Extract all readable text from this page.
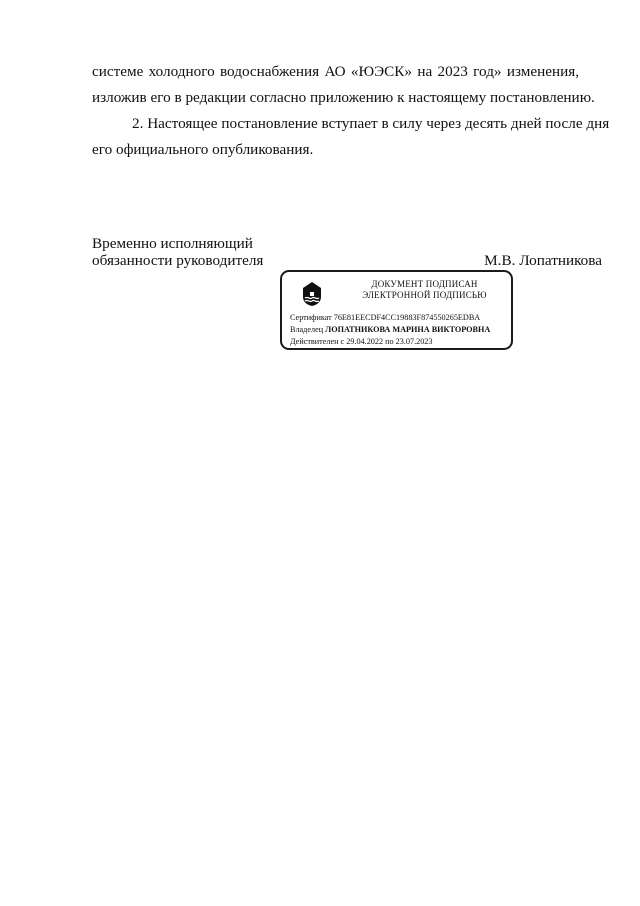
системе холодного водоснабжения АО «ЮЭСК» на 2023 год» изменения,
изложив его в редакции согласно приложению к настоящему постановлению.
2. Настоящее постановление вступает в силу через десять дней после дня
его официального опубликования.
Временно исполняющий
обязанности руководителя	М.В. Лопатникова
ДОКУМЕНТ ПОДПИСАН
ЭЛЕКТРОННОЙ ПОДПИСЬЮ
Сертификат 76E81EECDF4CC19883F874550265EDBA
Владелец ЛОПАТНИКОВА МАРИНА ВИКТОРОВНА
Действителен с 29.04.2022 по 23.07.2023
